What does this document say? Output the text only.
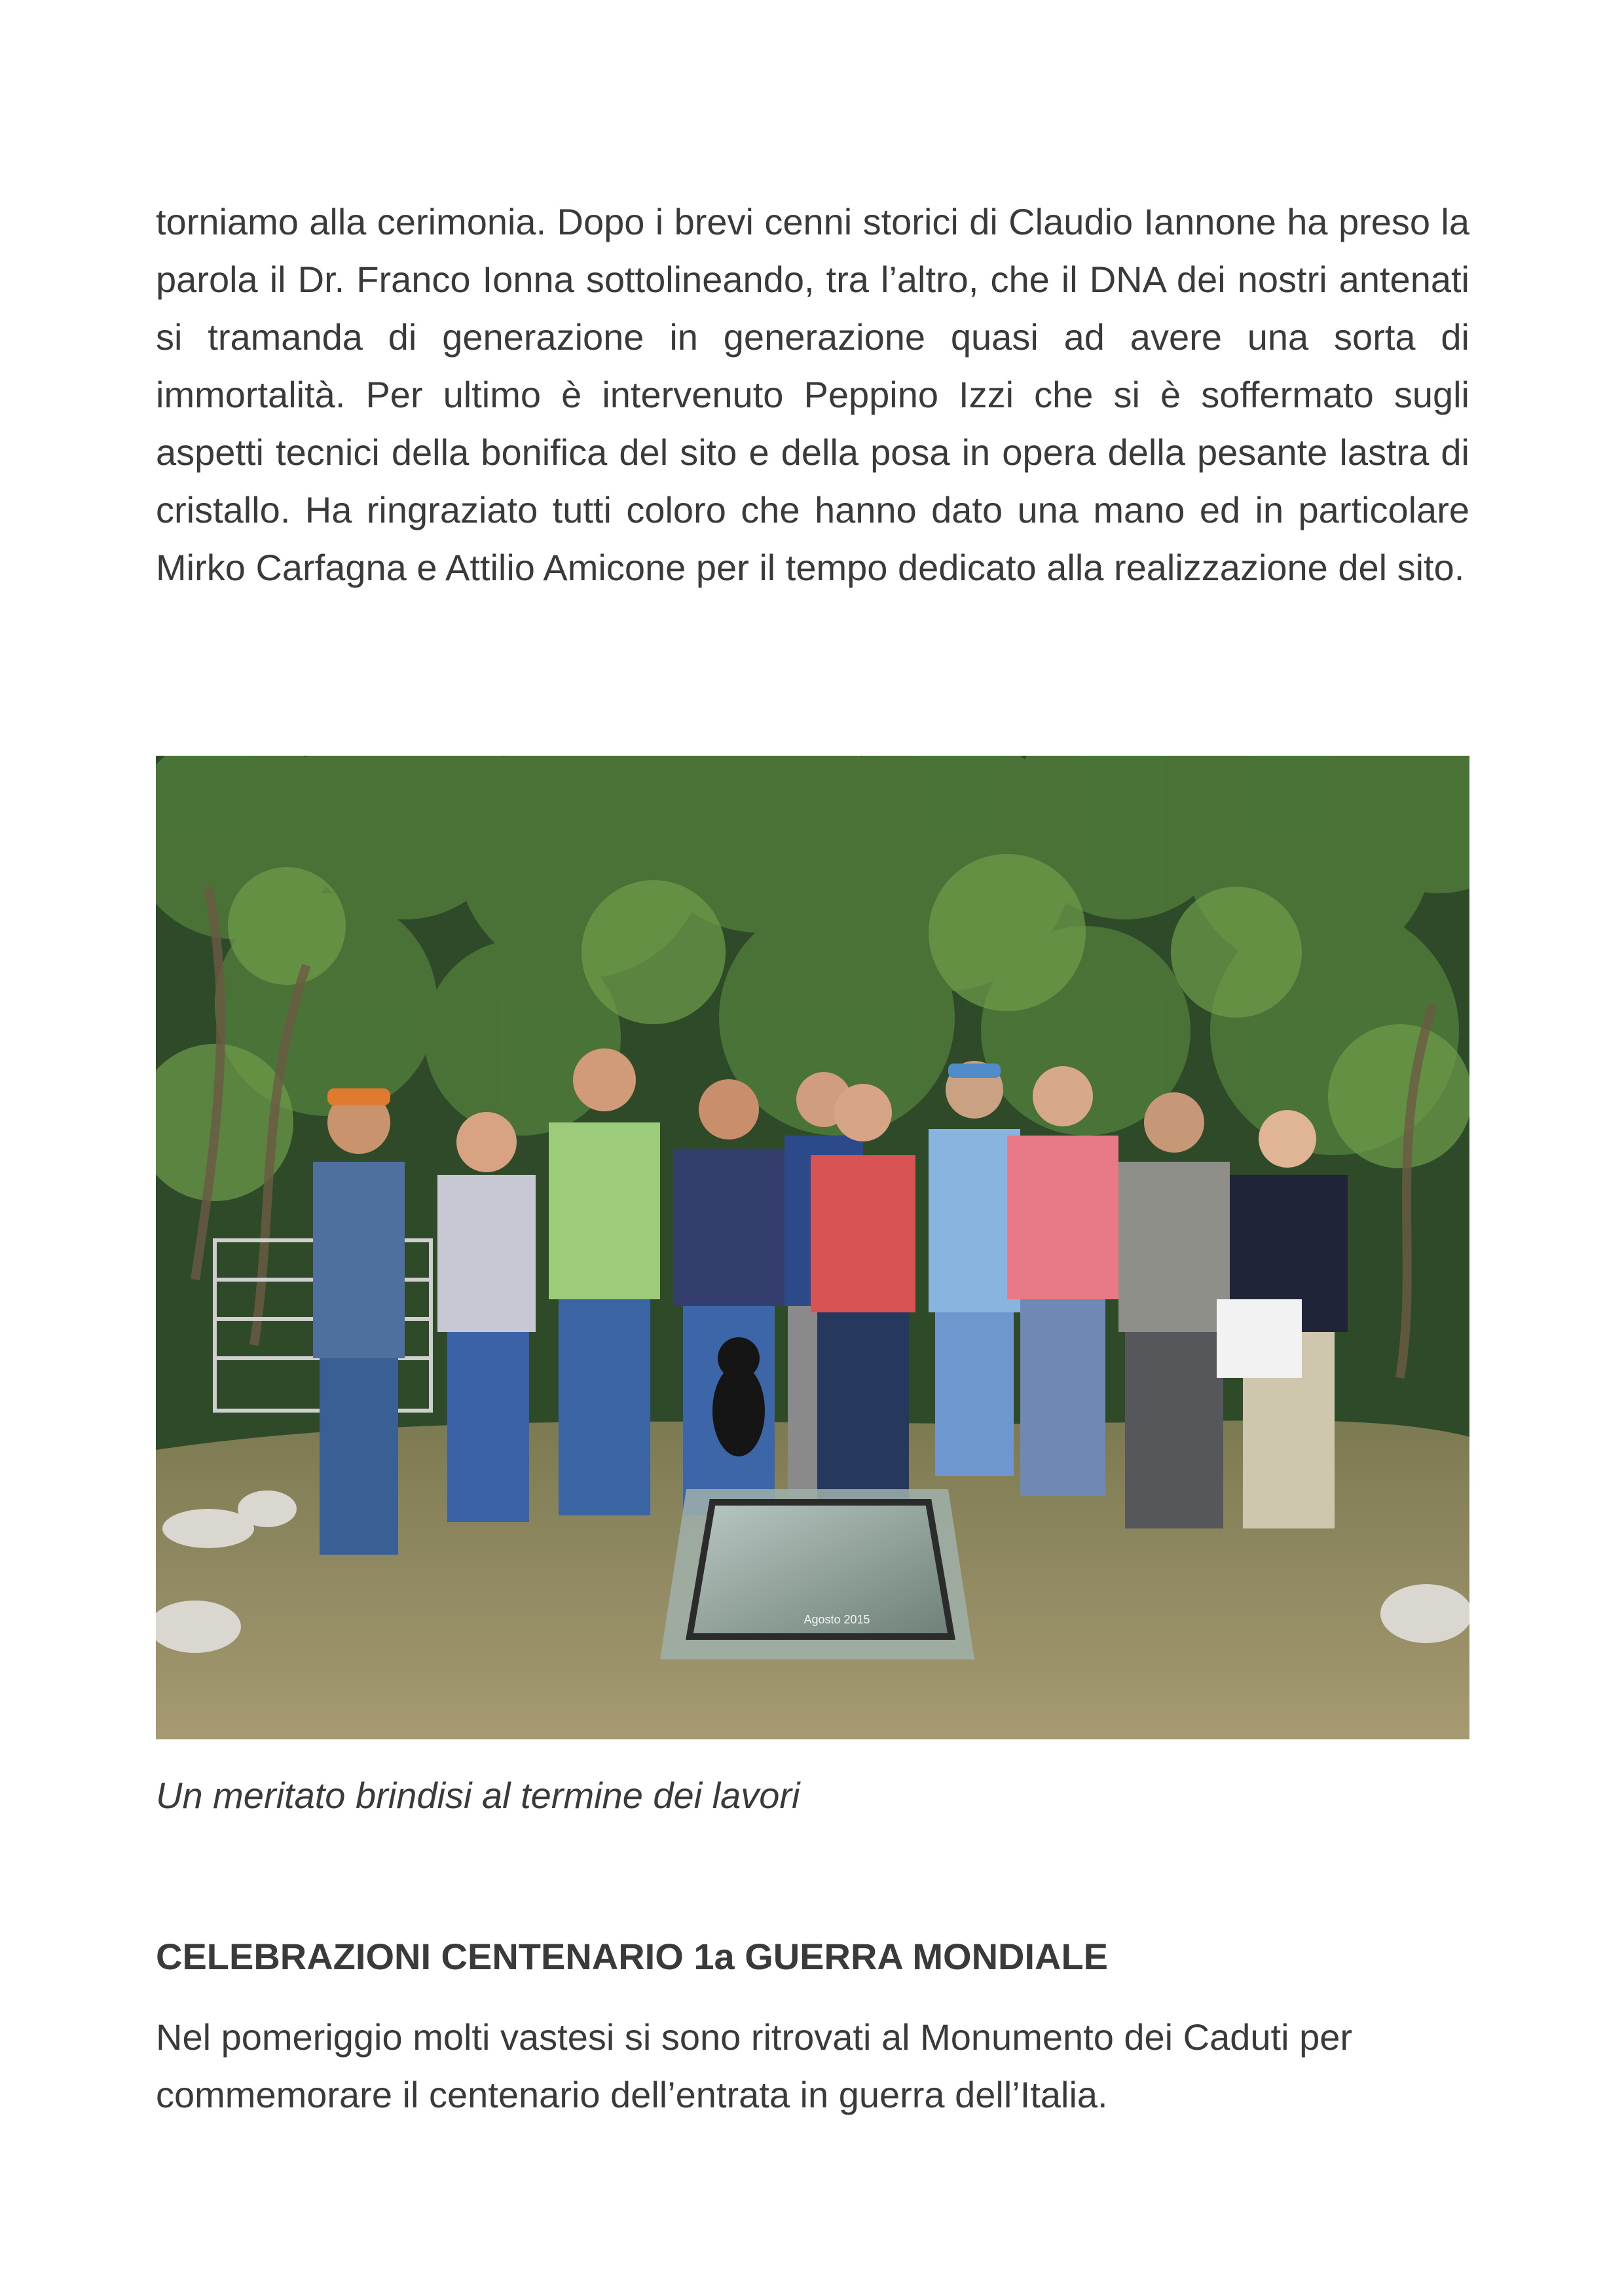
torniamo alla cerimonia. Dopo i brevi cenni storici di Claudio Iannone ha preso la parola il Dr. Franco Ionna sottolineando, tra l’altro, che il DNA dei nostri antenati si tramanda di generazione in generazione quasi ad avere una sorta di immortalità. Per ultimo è intervenuto Peppino Izzi che si è soffermato sugli aspetti tecnici della bonifica del sito e della posa in opera della pesante lastra di cristallo. Ha ringraziato tutti coloro che hanno dato una mano ed in particolare Mirko Carfagna e Attilio Amicone per il tempo dedicato alla realizzazione del sito.

Agosto 2015

Un meritato brindisi al termine dei lavori

CELEBRAZIONI CENTENARIO 1a GUERRA MONDIALE

Nel pomeriggio molti vastesi si sono ritrovati al Monumento dei Caduti per commemorare il centenario dell’entrata in guerra dell’Italia.
